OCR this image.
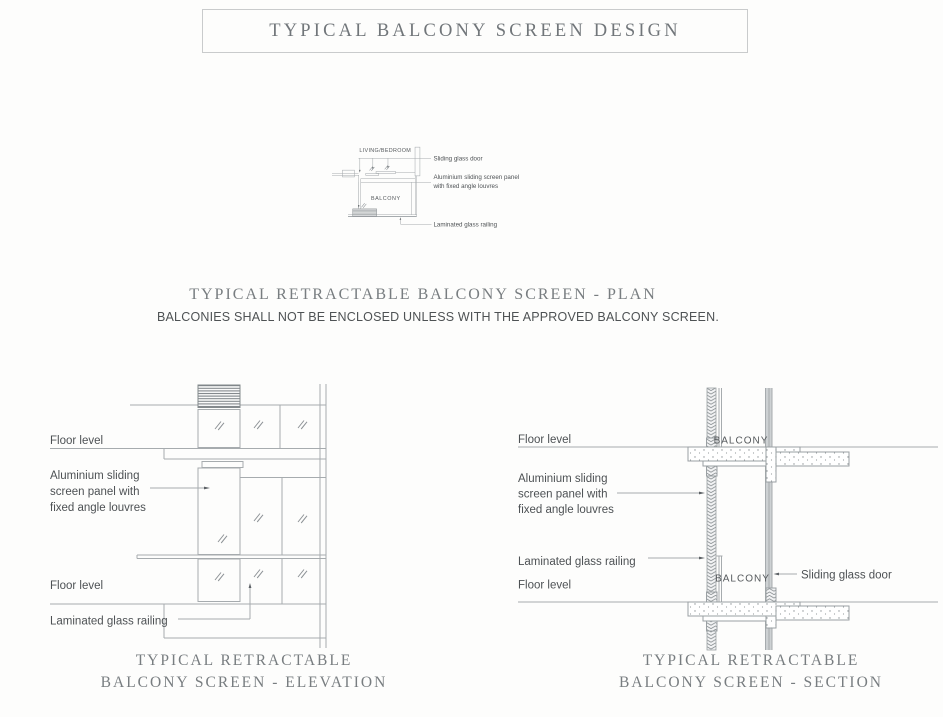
TYPICAL BALCONY SCREEN DESIGN
LIVING/BEDROOM
BALCONY
Sliding glass door
Aluminium sliding screen panel
with fixed angle louvres
Laminated glass railing
TYPICAL RETRACTABLE BALCONY SCREEN - PLAN
BALCONIES SHALL NOT BE ENCLOSED UNLESS WITH THE APPROVED BALCONY SCREEN.
Floor level
Aluminium sliding
screen panel with
fixed angle louvres
Floor level
Laminated glass railing
TYPICAL RETRACTABLE
BALCONY SCREEN - ELEVATION
BALCONY
BALCONY
Floor level
Aluminium sliding
screen panel with
fixed angle louvres
Laminated glass railing
Floor level
Sliding glass door
TYPICAL RETRACTABLE
BALCONY SCREEN - SECTION
